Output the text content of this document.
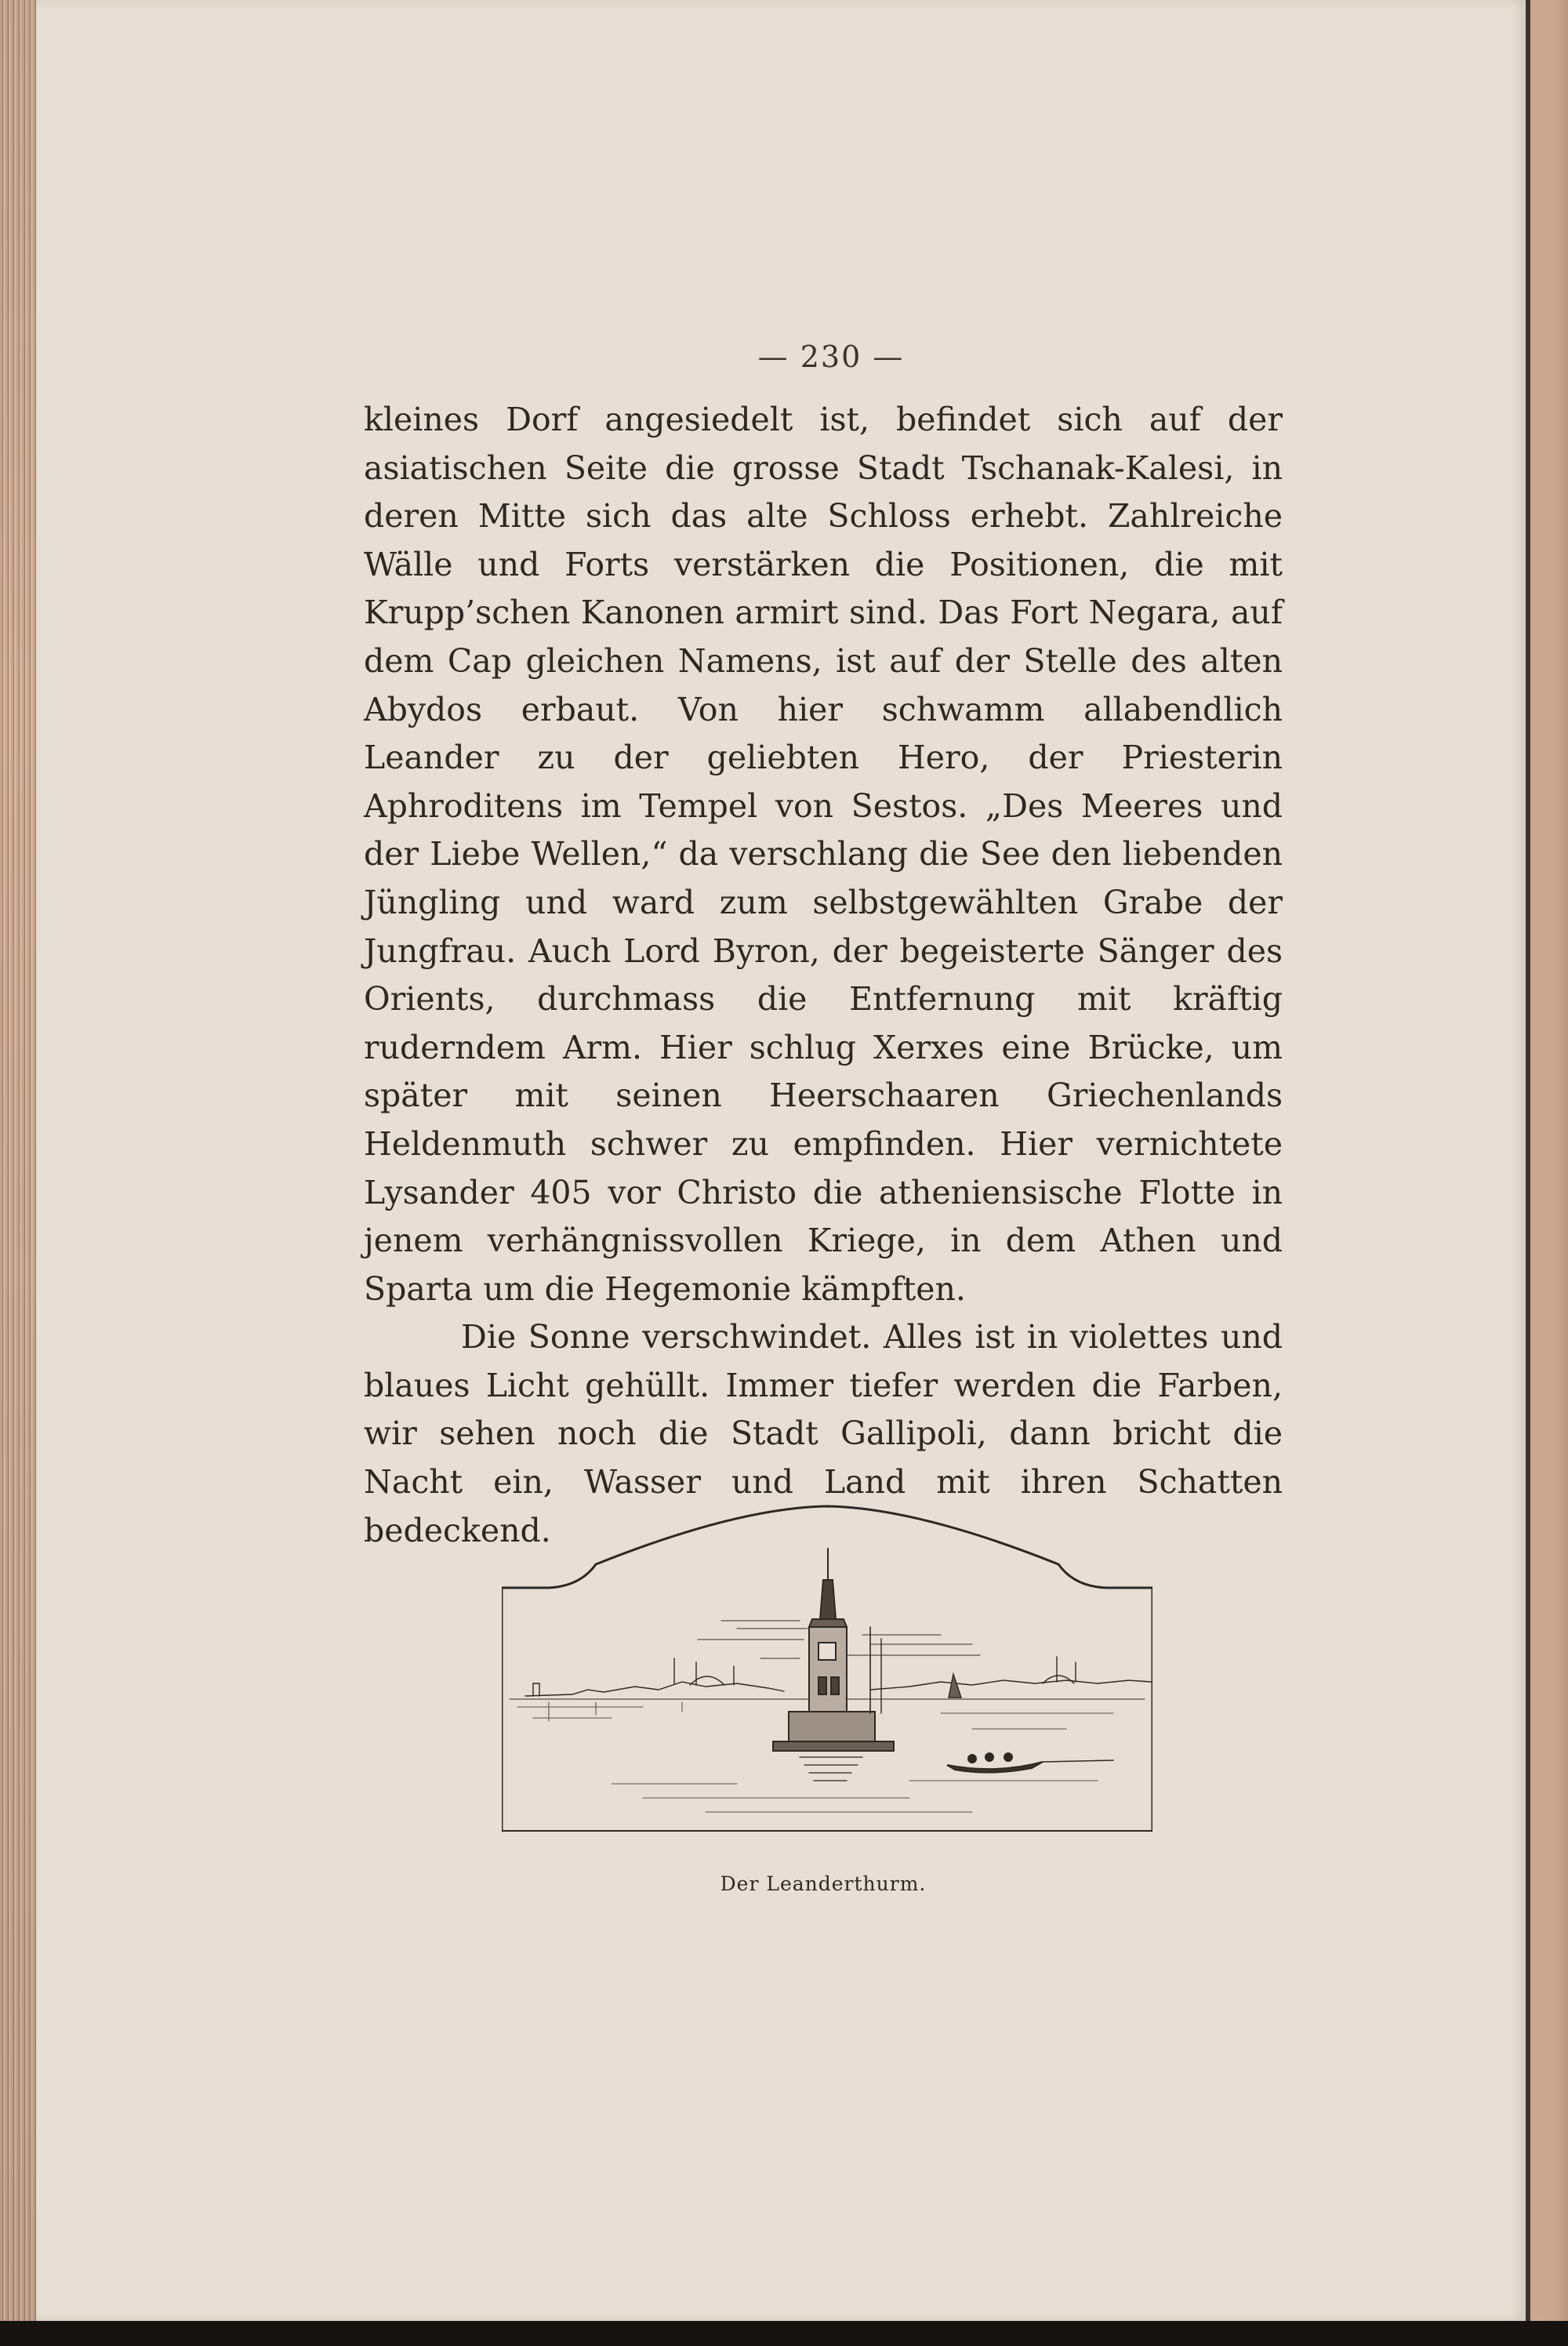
— 230 —

kleines Dorf angesiedelt ist, befindet sich auf der asiatischen Seite die grosse Stadt Tschanak-Kalesi, in deren Mitte sich das alte Schloss erhebt. Zahlreiche Wälle und Forts verstärken die Positionen, die mit Krupp’schen Kanonen armirt sind. Das Fort Negara, auf dem Cap gleichen Namens, ist auf der Stelle des alten Abydos erbaut. Von hier schwamm allabendlich Leander zu der geliebten Hero, der Priesterin Aphroditens im Tempel von Sestos. „Des Meeres und der Liebe Wellen,“ da verschlang die See den liebenden Jüngling und ward zum selbstgewählten Grabe der Jungfrau. Auch Lord Byron, der begeisterte Sänger des Orients, durchmass die Entfernung mit kräftig ruderndem Arm. Hier schlug Xerxes eine Brücke, um später mit seinen Heerschaaren Griechenlands Heldenmuth schwer zu empfinden. Hier vernichtete Lysander 405 vor Christo die atheniensische Flotte in jenem verhängnissvollen Kriege, in dem Athen und Sparta um die Hegemonie kämpften.

Die Sonne verschwindet. Alles ist in violettes und blaues Licht gehüllt. Immer tiefer werden die Farben, wir sehen noch die Stadt Gallipoli, dann bricht die Nacht ein, Wasser und Land mit ihren Schatten bedeckend.

Der Leanderthurm.
